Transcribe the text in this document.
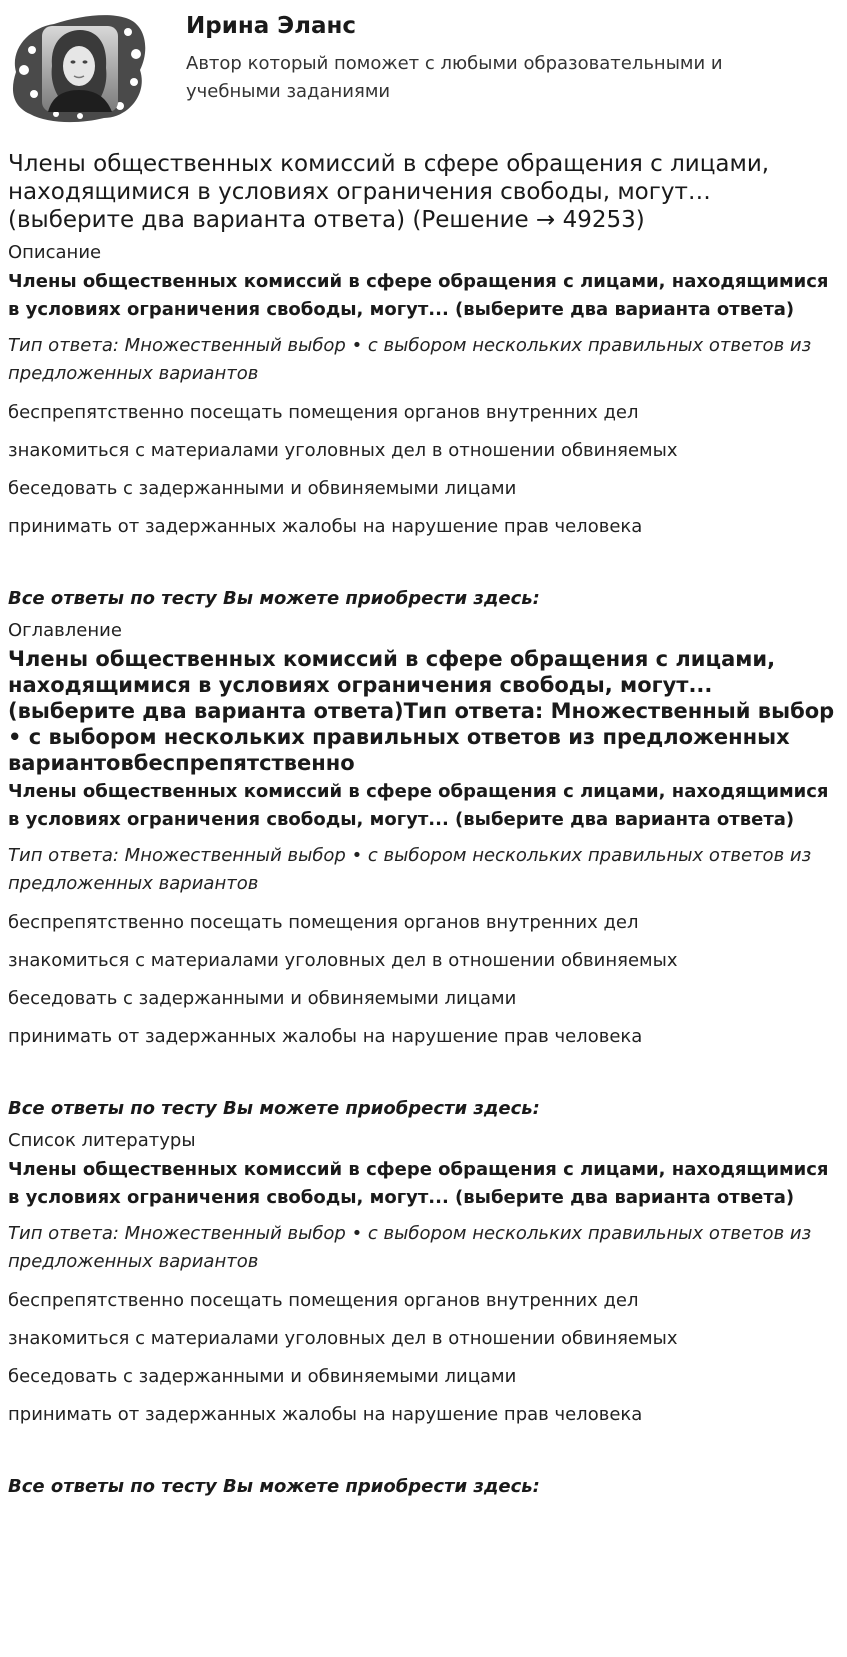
Ирина Эланс
Автор который поможет с любыми образовательными и учебными заданиями
Члены общественных комиссий в сфере обращения с лицами, находящимися в условиях ограничения свободы, могут… (выберите два варианта ответа) (Решение → 49253)
Описание
Члены общественных комиссий в сфере обращения с лицами, находящимися в условиях ограничения свободы, могут... (выберите два варианта ответа)
Тип ответа: Множественный выбор • с выбором нескольких правильных ответов из предложенных вариантов
беспрепятственно посещать помещения органов внутренних дел
знакомиться с материалами уголовных дел в отношении обвиняемых
беседовать с задержанными и обвиняемыми лицами
принимать от задержанных жалобы на нарушение прав человека
Все ответы по тесту Вы можете приобрести здесь:
Оглавление
Члены общественных комиссий в сфере обращения с лицами, находящимися в условиях ограничения свободы, могут... (выберите два варианта ответа)Тип ответа: Множественный выбор • с выбором нескольких правильных ответов из предложенных вариантовбеспрепятственно
Члены общественных комиссий в сфере обращения с лицами, находящимися в условиях ограничения свободы, могут... (выберите два варианта ответа)
Тип ответа: Множественный выбор • с выбором нескольких правильных ответов из предложенных вариантов
беспрепятственно посещать помещения органов внутренних дел
знакомиться с материалами уголовных дел в отношении обвиняемых
беседовать с задержанными и обвиняемыми лицами
принимать от задержанных жалобы на нарушение прав человека
Все ответы по тесту Вы можете приобрести здесь:
Список литературы
Члены общественных комиссий в сфере обращения с лицами, находящимися в условиях ограничения свободы, могут... (выберите два варианта ответа)
Тип ответа: Множественный выбор • с выбором нескольких правильных ответов из предложенных вариантов
беспрепятственно посещать помещения органов внутренних дел
знакомиться с материалами уголовных дел в отношении обвиняемых
беседовать с задержанными и обвиняемыми лицами
принимать от задержанных жалобы на нарушение прав человека
Все ответы по тесту Вы можете приобрести здесь:
